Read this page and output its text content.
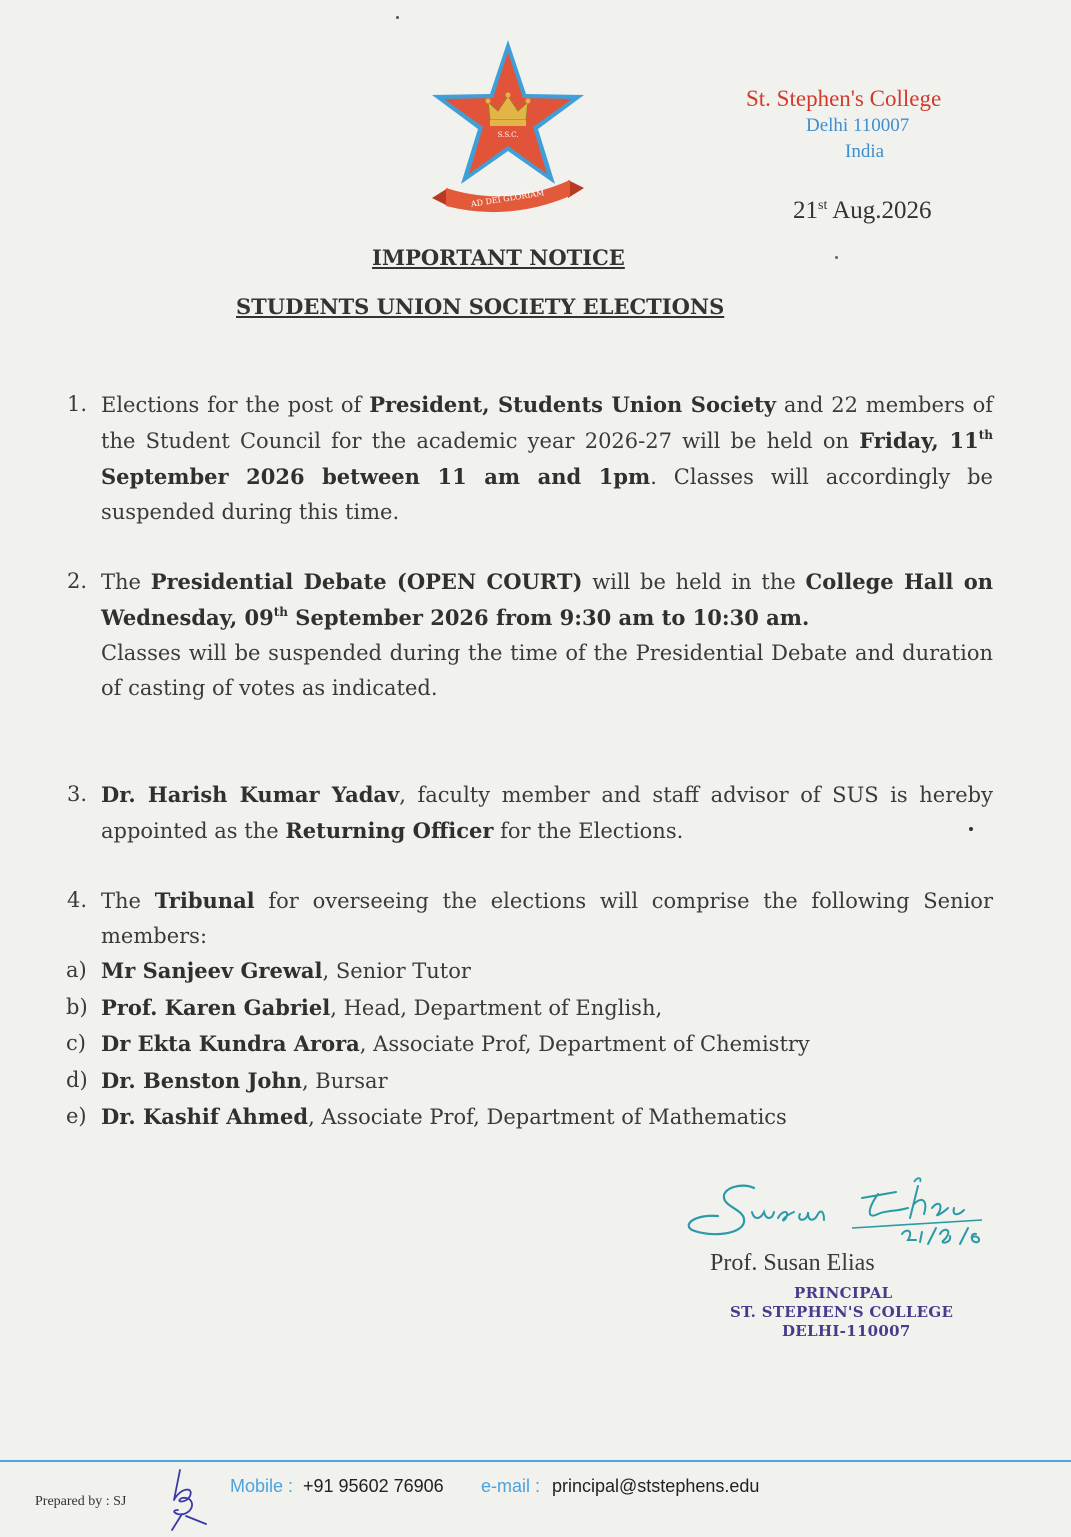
S.S.C.
AD DEI GLORIAM
St. Stephen's College
Delhi 110007
India
21st Aug.2026
IMPORTANT NOTICE
STUDENTS UNION SOCIETY ELECTIONS
1. Elections for the post of President, Students Union Society and 22 members of the Student Council for the academic year 2026-27 will be held on Friday, 11th September 2026 between 11 am and 1pm. Classes will accordingly be suspended during this time.
2. The Presidential Debate (OPEN COURT) will be held in the College Hall on Wednesday, 09th September 2026 from 9:30 am to 10:30 am.
Classes will be suspended during the time of the Presidential Debate and duration of casting of votes as indicated.
3. Dr. Harish Kumar Yadav, faculty member and staff advisor of SUS is hereby appointed as the Returning Officer for the Elections.
4. The Tribunal for overseeing the elections will comprise the following Senior members:
a) Mr Sanjeev Grewal, Senior Tutor
b) Prof. Karen Gabriel, Head, Department of English,
c) Dr Ekta Kundra Arora, Associate Prof, Department of Chemistry
d) Dr. Benston John, Bursar
e) Dr. Kashif Ahmed, Associate Prof, Department of Mathematics
Prof. Susan Elias
PRINCIPAL
ST. STEPHEN'S COLLEGE
DELHI-110007
Prepared by : SJ
Mobile : +91 95602 76906 e-mail : principal@ststephens.edu
